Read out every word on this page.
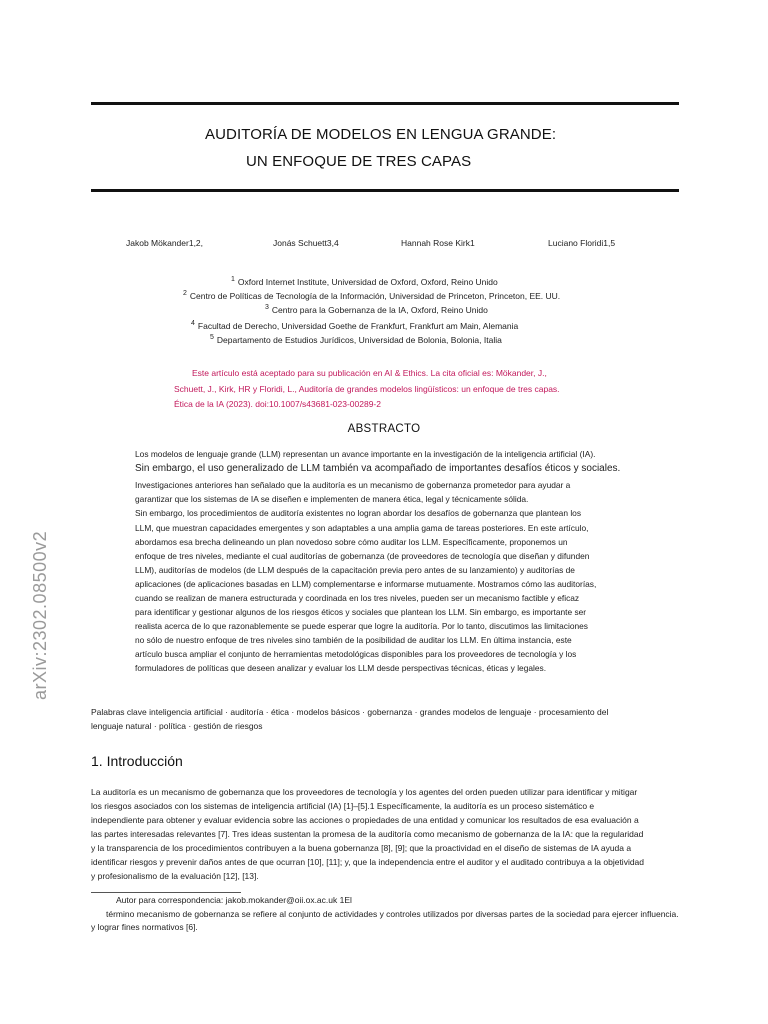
AUDITORÍA DE MODELOS EN LENGUA GRANDE:
UN ENFOQUE DE TRES CAPAS
Jakob Mökander1,2,	Jonás Schuett3,4	Hannah Rose Kirk1	Luciano Floridi1,5
$^1$ Oxford Internet Institute, Universidad de Oxford, Oxford, Reino Unido
$^2$ Centro de Políticas de Tecnología de la Información, Universidad de Princeton, Princeton, EE. UU.
$^3$ Centro para la Gobernanza de la IA, Oxford, Reino Unido
$^4$ Facultad de Derecho, Universidad Goethe de Frankfurt, Frankfurt am Main, Alemania
$^5$ Departamento de Estudios Jurídicos, Universidad de Bolonia, Bolonia, Italia
Este artículo está aceptado para su publicación en AI & Ethics. La cita oficial es: Mökander, J.,
Schuett, J., Kirk, HR y Floridi, L., Auditoría de grandes modelos lingüísticos: un enfoque de tres capas.
Ética de la IA (2023). doi:10.1007/s43681-023-00289-2
ABSTRACTO
Los modelos de lenguaje grande (LLM) representan un avance importante en la investigación de la inteligencia artificial (IA).
Sin embargo, el uso generalizado de LLM también va acompañado de importantes desafíos éticos y sociales.
Investigaciones anteriores han señalado que la auditoría es un mecanismo de gobernanza prometedor para ayudar a
garantizar que los sistemas de IA se diseñen e implementen de manera ética, legal y técnicamente sólida.
Sin embargo, los procedimientos de auditoría existentes no logran abordar los desafíos de gobernanza que plantean los
LLM, que muestran capacidades emergentes y son adaptables a una amplia gama de tareas posteriores. En este artículo,
abordamos esa brecha delineando un plan novedoso sobre cómo auditar los LLM. Específicamente, proponemos un
enfoque de tres niveles, mediante el cual auditorías de gobernanza (de proveedores de tecnología que diseñan y difunden
LLM), auditorías de modelos (de LLM después de la capacitación previa pero antes de su lanzamiento) y auditorías de
aplicaciones (de aplicaciones basadas en LLM) complementarse e informarse mutuamente. Mostramos cómo las auditorías,
cuando se realizan de manera estructurada y coordinada en los tres niveles, pueden ser un mecanismo factible y eficaz
para identificar y gestionar algunos de los riesgos éticos y sociales que plantean los LLM. Sin embargo, es importante ser
realista acerca de lo que razonablemente se puede esperar que logre la auditoría. Por lo tanto, discutimos las limitaciones
no sólo de nuestro enfoque de tres niveles sino también de la posibilidad de auditar los LLM. En última instancia, este
artículo busca ampliar el conjunto de herramientas metodológicas disponibles para los proveedores de tecnología y los
formuladores de políticas que deseen analizar y evaluar los LLM desde perspectivas técnicas, éticas y legales.
Palabras clave inteligencia artificial · auditoría · ética · modelos básicos · gobernanza · grandes modelos de lenguaje · procesamiento del
lenguaje natural · política · gestión de riesgos
1. Introducción
La auditoría es un mecanismo de gobernanza que los proveedores de tecnología y los agentes del orden pueden utilizar para identificar y mitigar
los riesgos asociados con los sistemas de inteligencia artificial (IA) [1]–[5].1 Específicamente, la auditoría es un proceso sistemático e
independiente para obtener y evaluar evidencia sobre las acciones o propiedades de una entidad y comunicar los resultados de esa evaluación a
las partes interesadas relevantes [7]. Tres ideas sustentan la promesa de la auditoría como mecanismo de gobernanza de la IA: que la regularidad
y la transparencia de los procedimientos contribuyen a la buena gobernanza [8], [9]; que la proactividad en el diseño de sistemas de IA ayuda a
identificar riesgos y prevenir daños antes de que ocurran [10], [11]; y, que la independencia entre el auditor y el auditado contribuya a la objetividad
y profesionalismo de la evaluación [12], [13].
Autor para correspondencia: jakob.mokander@oii.ox.ac.uk 1El
término mecanismo de gobernanza se refiere al conjunto de actividades y controles utilizados por diversas partes de la sociedad para ejercer influencia.
y lograr fines normativos [6].
arXiv:2302.08500v2
